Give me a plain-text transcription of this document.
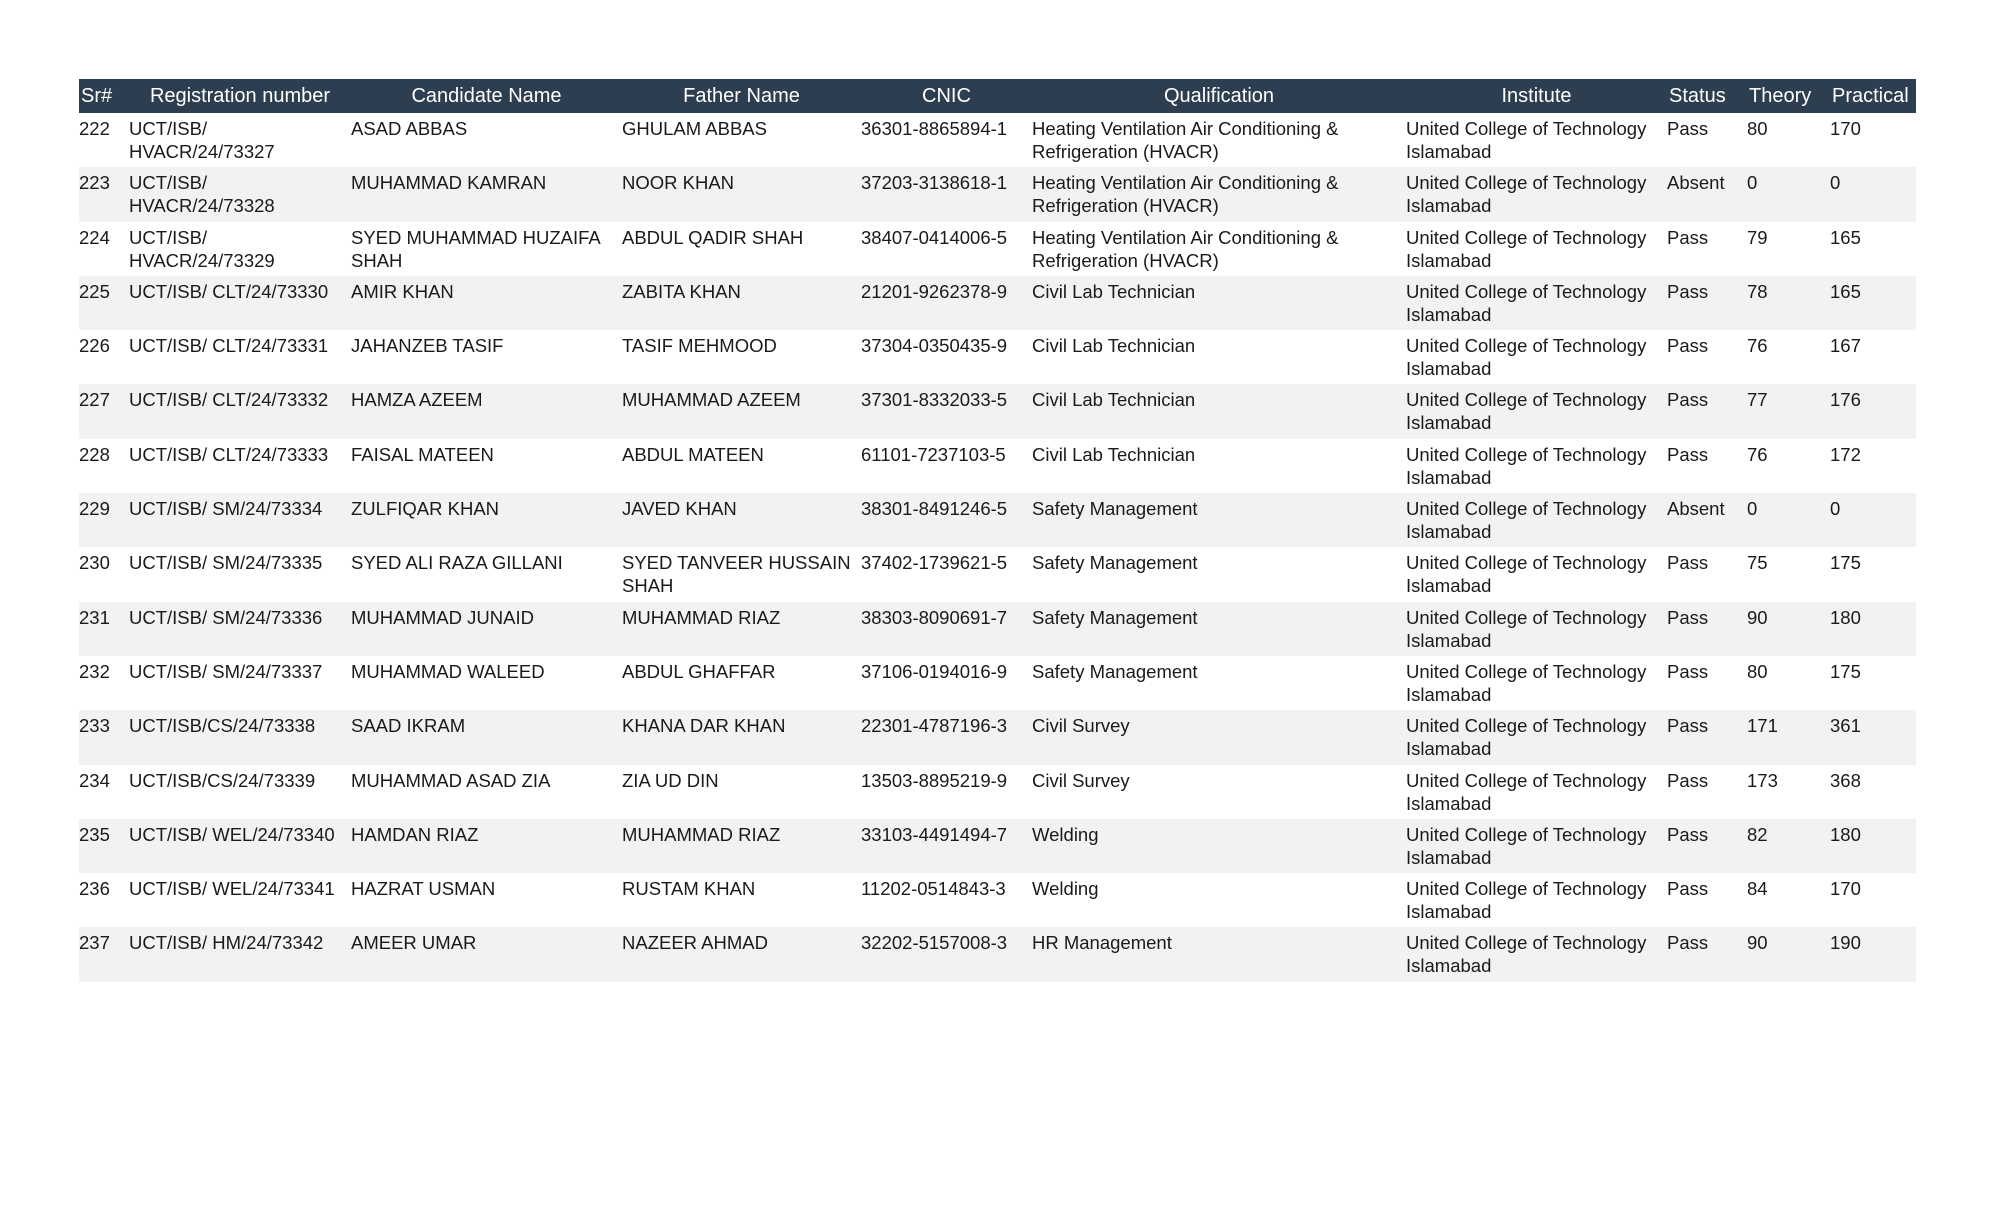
Sr#	Registration number	Candidate Name	Father Name	CNIC	Qualification	Institute	Status	Theory	Practical
222	UCT/ISB/ HVACR/24/73327	ASAD ABBAS	GHULAM ABBAS	36301-8865894-1	Heating Ventilation Air Conditioning & Refrigeration (HVACR)	United College of Technology Islamabad	Pass	80	170
223	UCT/ISB/ HVACR/24/73328	MUHAMMAD KAMRAN	NOOR KHAN	37203-3138618-1	Heating Ventilation Air Conditioning & Refrigeration (HVACR)	United College of Technology Islamabad	Absent	0	0
224	UCT/ISB/ HVACR/24/73329	SYED MUHAMMAD HUZAIFA SHAH	ABDUL QADIR SHAH	38407-0414006-5	Heating Ventilation Air Conditioning & Refrigeration (HVACR)	United College of Technology Islamabad	Pass	79	165
225	UCT/ISB/ CLT/24/73330	AMIR KHAN	ZABITA KHAN	21201-9262378-9	Civil Lab Technician	United College of Technology Islamabad	Pass	78	165
226	UCT/ISB/ CLT/24/73331	JAHANZEB TASIF	TASIF MEHMOOD	37304-0350435-9	Civil Lab Technician	United College of Technology Islamabad	Pass	76	167
227	UCT/ISB/ CLT/24/73332	HAMZA AZEEM	MUHAMMAD AZEEM	37301-8332033-5	Civil Lab Technician	United College of Technology Islamabad	Pass	77	176
228	UCT/ISB/ CLT/24/73333	FAISAL MATEEN	ABDUL MATEEN	61101-7237103-5	Civil Lab Technician	United College of Technology Islamabad	Pass	76	172
229	UCT/ISB/ SM/24/73334	ZULFIQAR KHAN	JAVED KHAN	38301-8491246-5	Safety Management	United College of Technology Islamabad	Absent	0	0
230	UCT/ISB/ SM/24/73335	SYED ALI RAZA GILLANI	SYED TANVEER HUSSAIN SHAH	37402-1739621-5	Safety Management	United College of Technology Islamabad	Pass	75	175
231	UCT/ISB/ SM/24/73336	MUHAMMAD JUNAID	MUHAMMAD RIAZ	38303-8090691-7	Safety Management	United College of Technology Islamabad	Pass	90	180
232	UCT/ISB/ SM/24/73337	MUHAMMAD WALEED	ABDUL GHAFFAR	37106-0194016-9	Safety Management	United College of Technology Islamabad	Pass	80	175
233	UCT/ISB/CS/24/73338	SAAD IKRAM	KHANA DAR KHAN	22301-4787196-3	Civil Survey	United College of Technology Islamabad	Pass	171	361
234	UCT/ISB/CS/24/73339	MUHAMMAD ASAD ZIA	ZIA UD DIN	13503-8895219-9	Civil Survey	United College of Technology Islamabad	Pass	173	368
235	UCT/ISB/ WEL/24/73340	HAMDAN RIAZ	MUHAMMAD RIAZ	33103-4491494-7	Welding	United College of Technology Islamabad	Pass	82	180
236	UCT/ISB/ WEL/24/73341	HAZRAT USMAN	RUSTAM KHAN	11202-0514843-3	Welding	United College of Technology Islamabad	Pass	84	170
237	UCT/ISB/ HM/24/73342	AMEER UMAR	NAZEER AHMAD	32202-5157008-3	HR Management	United College of Technology Islamabad	Pass	90	190
